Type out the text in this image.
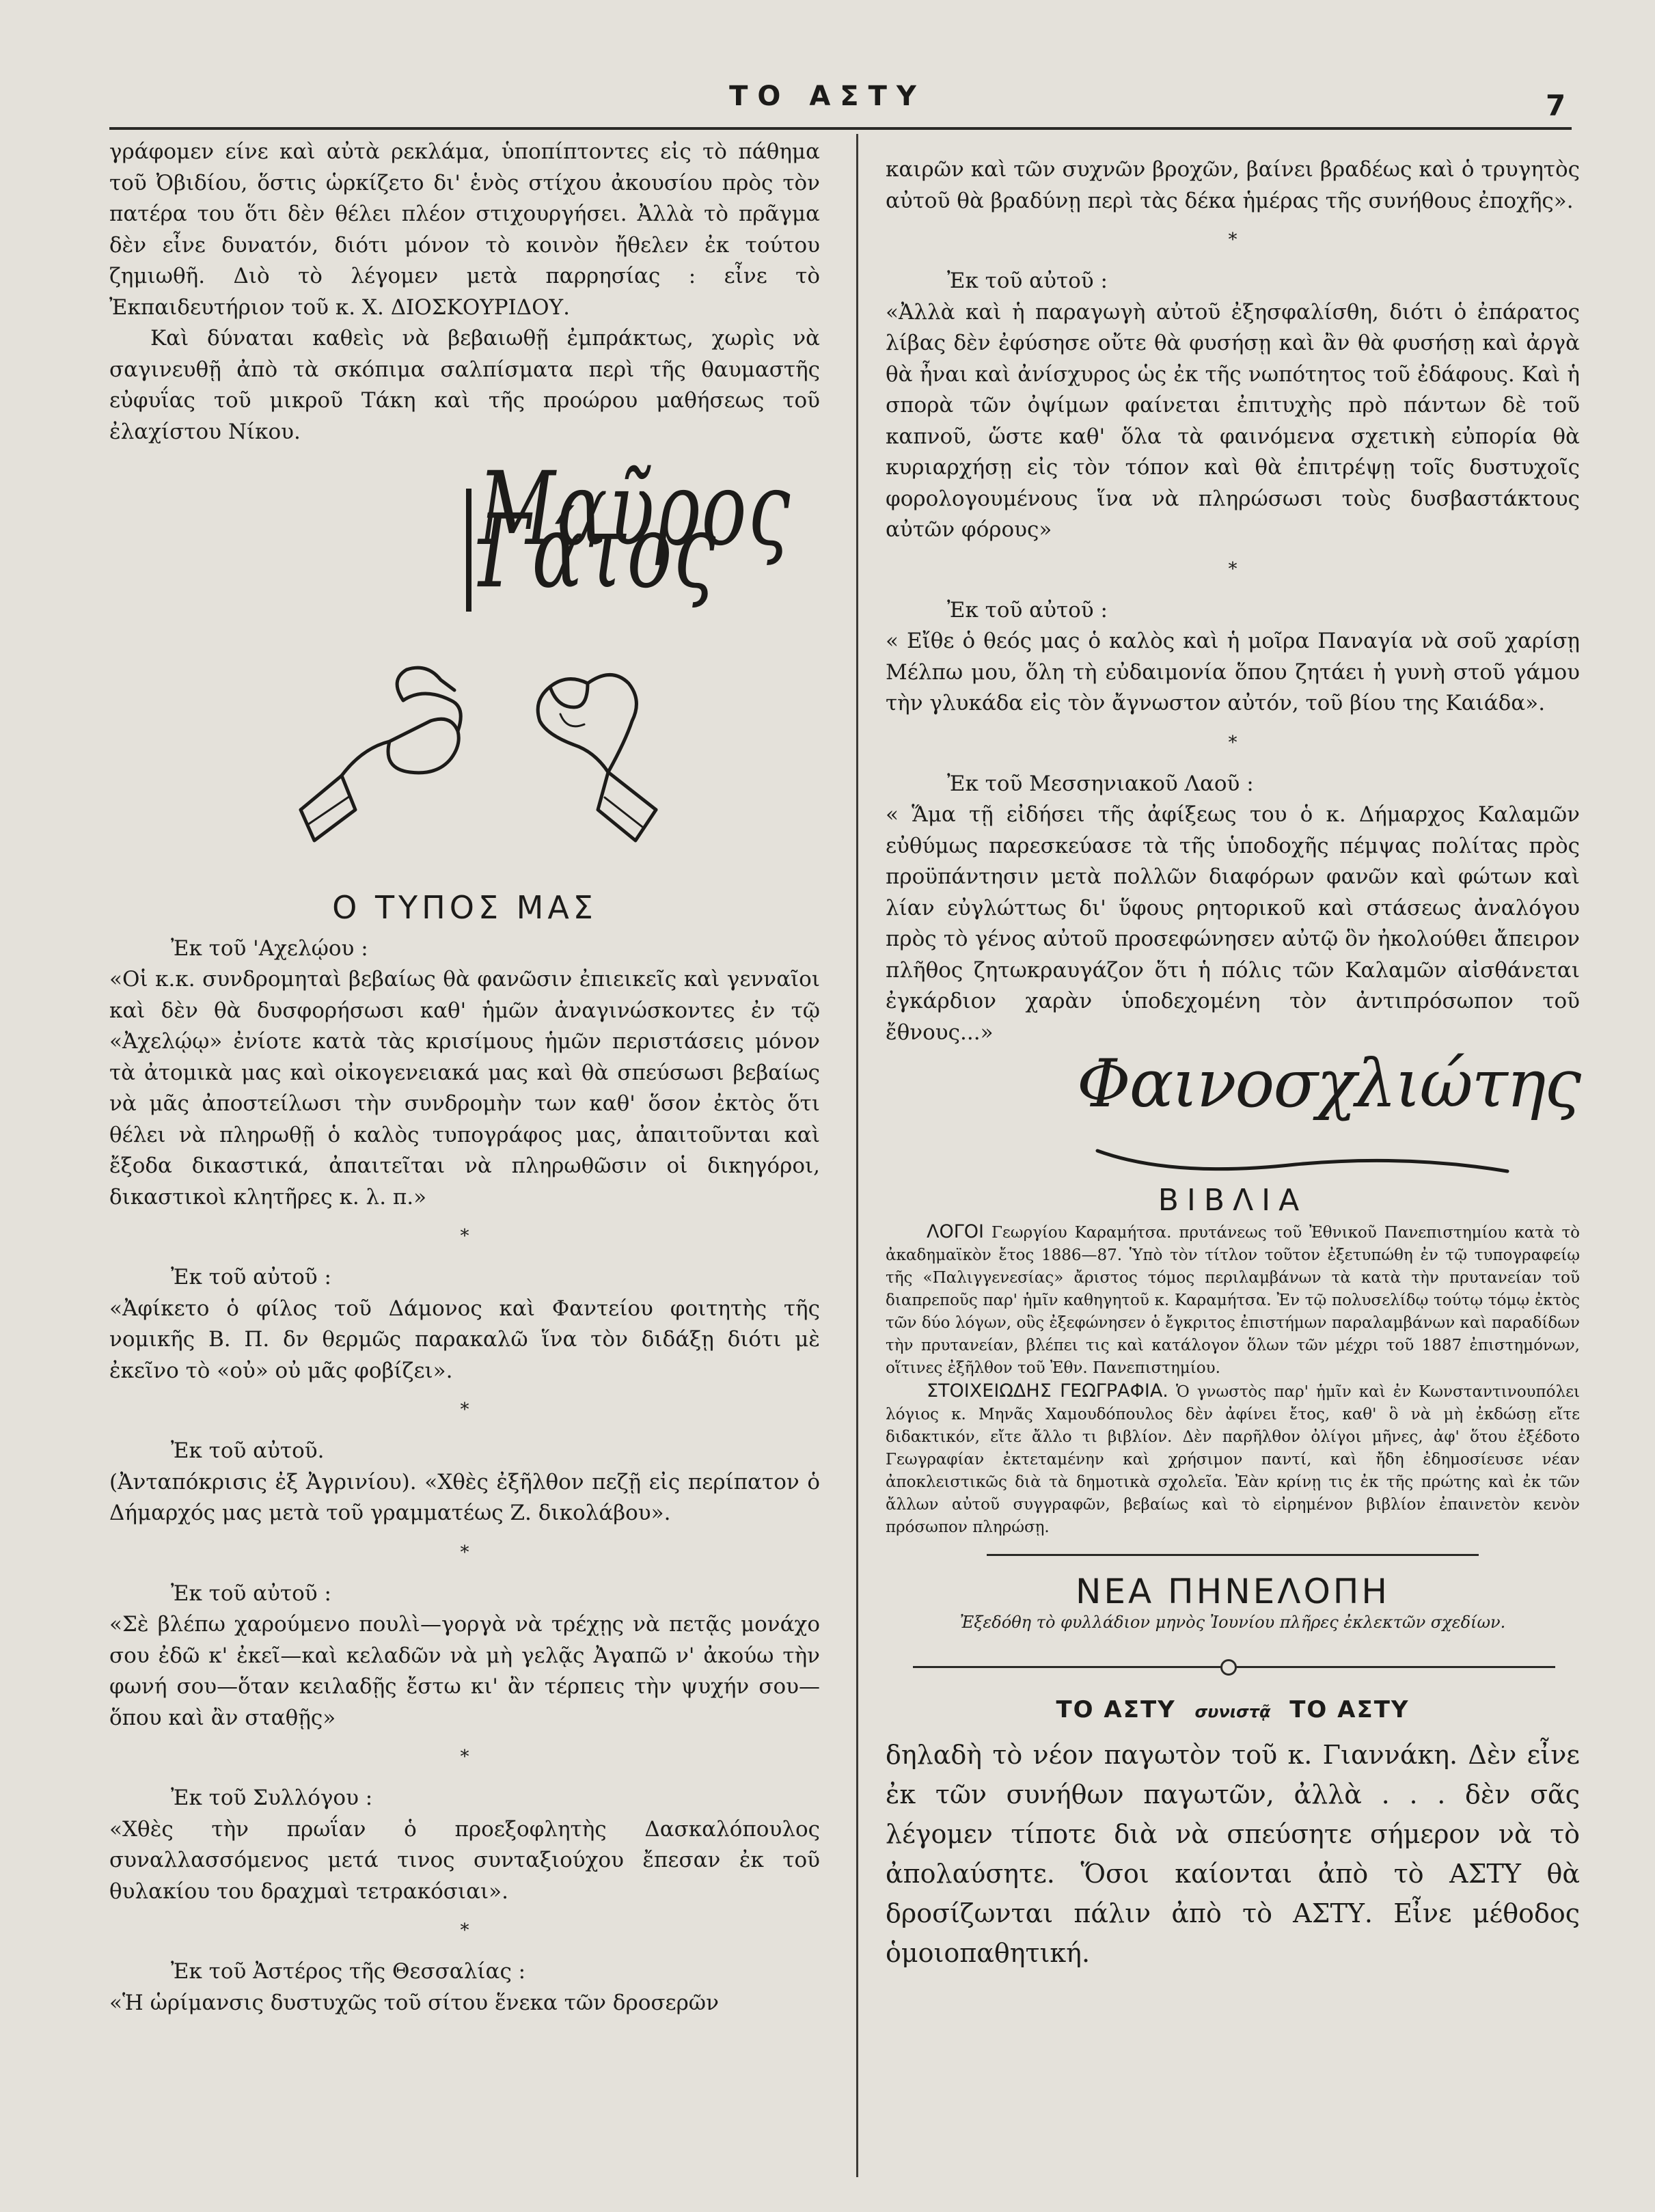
ΤΟ ΑΣΤΥ	7

γράφομεν είνε καὶ αὐτὰ ρεκλάμα, ὑποπίπτοντες εἰς τὸ πάθημα τοῦ Ὀβιδίου, ὅστις ὡρκίζετο δι' ἑνὸς στίχου ἀκουσίου πρὸς τὸν πατέρα του ὅτι δὲν θέλει πλέον στιχουργήσει. Ἀλλὰ τὸ πρᾶγμα δὲν εἶνε δυνατόν, διότι μόνον τὸ κοινὸν ἤθελεν ἐκ τούτου ζημιωθῆ. Διὸ τὸ λέγομεν μετὰ παρρησίας : εἶνε τὸ Ἐκπαιδευτήριον τοῦ κ. Χ. ΔΙΟΣΚΟΥΡΙΔΟΥ.

Καὶ δύναται καθεὶς νὰ βεβαιωθῇ ἐμπράκτως, χωρὶς νὰ σαγινευθῇ ἀπὸ τὰ σκόπιμα σαλπίσματα περὶ τῆς θαυμαστῆς εὐφυΐας τοῦ μικροῦ Τάκη καὶ τῆς προώρου μαθήσεως τοῦ ἐλαχίστου Νίκου.

Μαῦρος Γάτος
Ο ΤΥΠΟΣ ΜΑΣ

Ἐκ τοῦ 'Αχελῴου :

«Οἱ κ.κ. συνδρομηταὶ βεβαίως θὰ φανῶσιν ἐπιεικεῖς καὶ γενναῖοι καὶ δὲν θὰ δυσφορήσωσι καθ' ἡμῶν ἀναγινώσκοντες ἐν τῷ «Ἀχελῴῳ» ἐνίοτε κατὰ τὰς κρισίμους ἡμῶν περιστάσεις μόνον τὰ ἀτομικὰ μας καὶ οἰκογενειακά μας καὶ θὰ σπεύσωσι βεβαίως νὰ μᾶς ἀποστείλωσι τὴν συνδρομὴν των καθ' ὅσον ἐκτὸς ὅτι θέλει νὰ πληρωθῇ ὁ καλὸς τυπογράφος μας, ἀπαιτοῦνται καὶ ἔξοδα δικαστικά, ἀπαιτεῖται νὰ πληρωθῶσιν οἱ δικηγόροι, δικαστικοὶ κλητῆρες κ. λ. π.»

*

Ἐκ τοῦ αὐτοῦ :

«Ἀφίκετο ὁ φίλος τοῦ Δάμονος καὶ Φαντείου φοιτητὴς τῆς νομικῆς Β. Π. δν θερμῶς παρακαλῶ ἵνα τὸν διδάξῃ διότι μὲ ἐκεῖνο τὸ «οὐ» οὐ μᾶς φοβίζει».

*

Ἐκ τοῦ αὐτοῦ.

(Ἀνταπόκρισις ἐξ Ἀγρινίου). «Χθὲς ἐξῆλθον πεζῇ εἰς περίπατον ὁ Δήμαρχός μας μετὰ τοῦ γραμματέως Ζ. δικολάβου».

*

Ἐκ τοῦ αὐτοῦ :

«Σὲ βλέπω χαρούμενο πουλὶ—γοργὰ νὰ τρέχῃς νὰ πετᾷς μονάχο σου ἐδῶ κ' ἐκεῖ—καὶ κελαδῶν νὰ μὴ γελᾷς Ἀγαπῶ ν' ἀκούω τὴν φωνή σου—ὅταν κειλαδῇς ἔστω κι' ἂν τέρπεις τὴν ψυχήν σου—ὅπου καὶ ἂν σταθῇς»

*

Ἐκ τοῦ Συλλόγου :

«Χθὲς τὴν πρωΐαν ὁ προεξοφλητὴς Δασκαλόπουλος συναλλασσόμενος μετά τινος συνταξιούχου ἔπεσαν ἐκ τοῦ θυλακίου του δραχμαὶ τετρακόσιαι».

*

Ἐκ τοῦ Ἀστέρος τῆς Θεσσαλίας :

«Ἡ ὡρίμανσις δυστυχῶς τοῦ σίτου ἕνεκα τῶν δροσερῶν

καιρῶν καὶ τῶν συχνῶν βροχῶν, βαίνει βραδέως καὶ ὁ τρυγητὸς αὐτοῦ θὰ βραδύνῃ περὶ τὰς δέκα ἡμέρας τῆς συνήθους ἐποχῆς».

*

Ἐκ τοῦ αὐτοῦ :

«Ἀλλὰ καὶ ἡ παραγωγὴ αὐτοῦ ἐξησφαλίσθη, διότι ὁ ἐπάρατος λίβας δὲν ἐφύσησε οὔτε θὰ φυσήσῃ καὶ ἂν θὰ φυσήσῃ καὶ ἀργὰ θὰ ἦναι καὶ ἀνίσχυρος ὡς ἐκ τῆς νωπότητος τοῦ ἐδάφους. Καὶ ἡ σπορὰ τῶν ὀψίμων φαίνεται ἐπιτυχὴς πρὸ πάντων δὲ τοῦ καπνοῦ, ὥστε καθ' ὅλα τὰ φαινόμενα σχετικὴ εὐπορία θὰ κυριαρχήσῃ εἰς τὸν τόπον καὶ θὰ ἐπιτρέψῃ τοῖς δυστυχοῖς φορολογουμένους ἵνα νὰ πληρώσωσι τοὺς δυσβαστάκτους αὐτῶν φόρους»

*

Ἐκ τοῦ αὐτοῦ :

« Εἴθε ὁ θεός μας ὁ καλὸς καὶ ἡ μοῖρα Παναγία νὰ σοῦ χαρίσῃ Μέλπω μου, ὅλη τὴ εὐδαιμονία ὅπου ζητάει ἡ γυνὴ στοῦ γάμου τὴν γλυκάδα εἰς τὸν ἄγνωστον αὐτόν, τοῦ βίου της Καιάδα».

*

Ἐκ τοῦ Μεσσηνιακοῦ Λαοῦ :

« Ἅμα τῇ εἰδήσει τῆς ἀφίξεως του ὁ κ. Δήμαρχος Καλαμῶν εὐθύμως παρεσκεύασε τὰ τῆς ὑποδοχῆς πέμψας πολίτας πρὸς προϋπάντησιν μετὰ πολλῶν διαφόρων φανῶν καὶ φώτων καὶ λίαν εὐγλώττως δι' ὕφους ρητορικοῦ καὶ στάσεως ἀναλόγου πρὸς τὸ γένος αὐτοῦ προσεφώνησεν αὐτῷ ὃν ἠκολούθει ἄπειρον πλῆθος ζητωκραυγάζον ὅτι ἡ πόλις τῶν Καλαμῶν αἰσθάνεται ἐγκάρδιον χαρὰν ὑποδεχομένη τὸν ἀντιπρόσωπον τοῦ ἔθνους...»

Φαινοσχλιώτης
ΒΙΒΛΙΑ

ΛΟΓΟΙ Γεωργίου Καραμήτσα. πρυτάνεως τοῦ Ἐθνικοῦ Πανεπιστημίου κατὰ τὸ ἀκαδημαϊκὸν ἔτος 1886—87. Ὑπὸ τὸν τίτλον τοῦτον ἐξετυπώθη ἐν τῷ τυπογραφείῳ τῆς «Παλιγγενεσίας» ἄριστος τόμος περιλαμβάνων τὰ κατὰ τὴν πρυτανείαν τοῦ διαπρεποῦς παρ' ἡμῖν καθηγητοῦ κ. Καραμήτσα. Ἐν τῷ πολυσελίδῳ τούτῳ τόμῳ ἐκτὸς τῶν δύο λόγων, οὓς ἐξεφώνησεν ὁ ἔγκριτος ἐπιστήμων παραλαμβάνων καὶ παραδίδων τὴν πρυτανείαν, βλέπει τις καὶ κατάλογον ὅλων τῶν μέχρι τοῦ 1887 ἐπιστημόνων, οἵτινες ἐξῆλθον τοῦ Ἐθν. Πανεπιστημίου.

ΣΤΟΙΧΕΙΩΔΗΣ ΓΕΩΓΡΑΦΙΑ. Ὁ γνωστὸς παρ' ἡμῖν καὶ ἐν Κωνσταντινουπόλει λόγιος κ. Μηνᾶς Χαμουδόπουλος δὲν ἀφίνει ἔτος, καθ' ὃ νὰ μὴ ἐκδώσῃ εἴτε διδακτικόν, εἴτε ἄλλο τι βιβλίον. Δὲν παρῆλθον ὀλίγοι μῆνες, ἀφ' ὅτου ἐξέδοτο Γεωγραφίαν ἐκτεταμένην καὶ χρήσιμον παντί, καὶ ἤδη ἐδημοσίευσε νέαν ἀποκλειστικῶς διὰ τὰ δημοτικὰ σχολεῖα. Ἐὰν κρίνῃ τις ἐκ τῆς πρώτης καὶ ἐκ τῶν ἄλλων αὐτοῦ συγγραφῶν, βεβαίως καὶ τὸ εἰρημένον βιβλίον ἐπαινετὸν κενὸν πρόσωπον πληρώσῃ.

ΝΕΑ ΠΗΝΕΛΟΠΗ
Ἐξεδόθη τὸ φυλλάδιον μηνὸς Ἰουνίου πλῆρες ἐκλεκτῶν σχεδίων.
ΤΟ ΑΣΤΥ συνιστᾷ ΤΟ ΑΣΤΥ

δηλαδὴ τὸ νέον παγωτὸν τοῦ κ. Γιαννάκη. Δὲν εἶνε ἐκ τῶν συνήθων παγωτῶν, ἀλλὰ . . . δὲν σᾶς λέγομεν τίποτε διὰ νὰ σπεύσητε σήμερον νὰ τὸ ἀπολαύσητε. Ὅσοι καίονται ἀπὸ τὸ ΑΣΤΥ θὰ δροσίζωνται πάλιν ἀπὸ τὸ ΑΣΤΥ. Εἶνε μέθοδος ὁμοιοπαθητική.
